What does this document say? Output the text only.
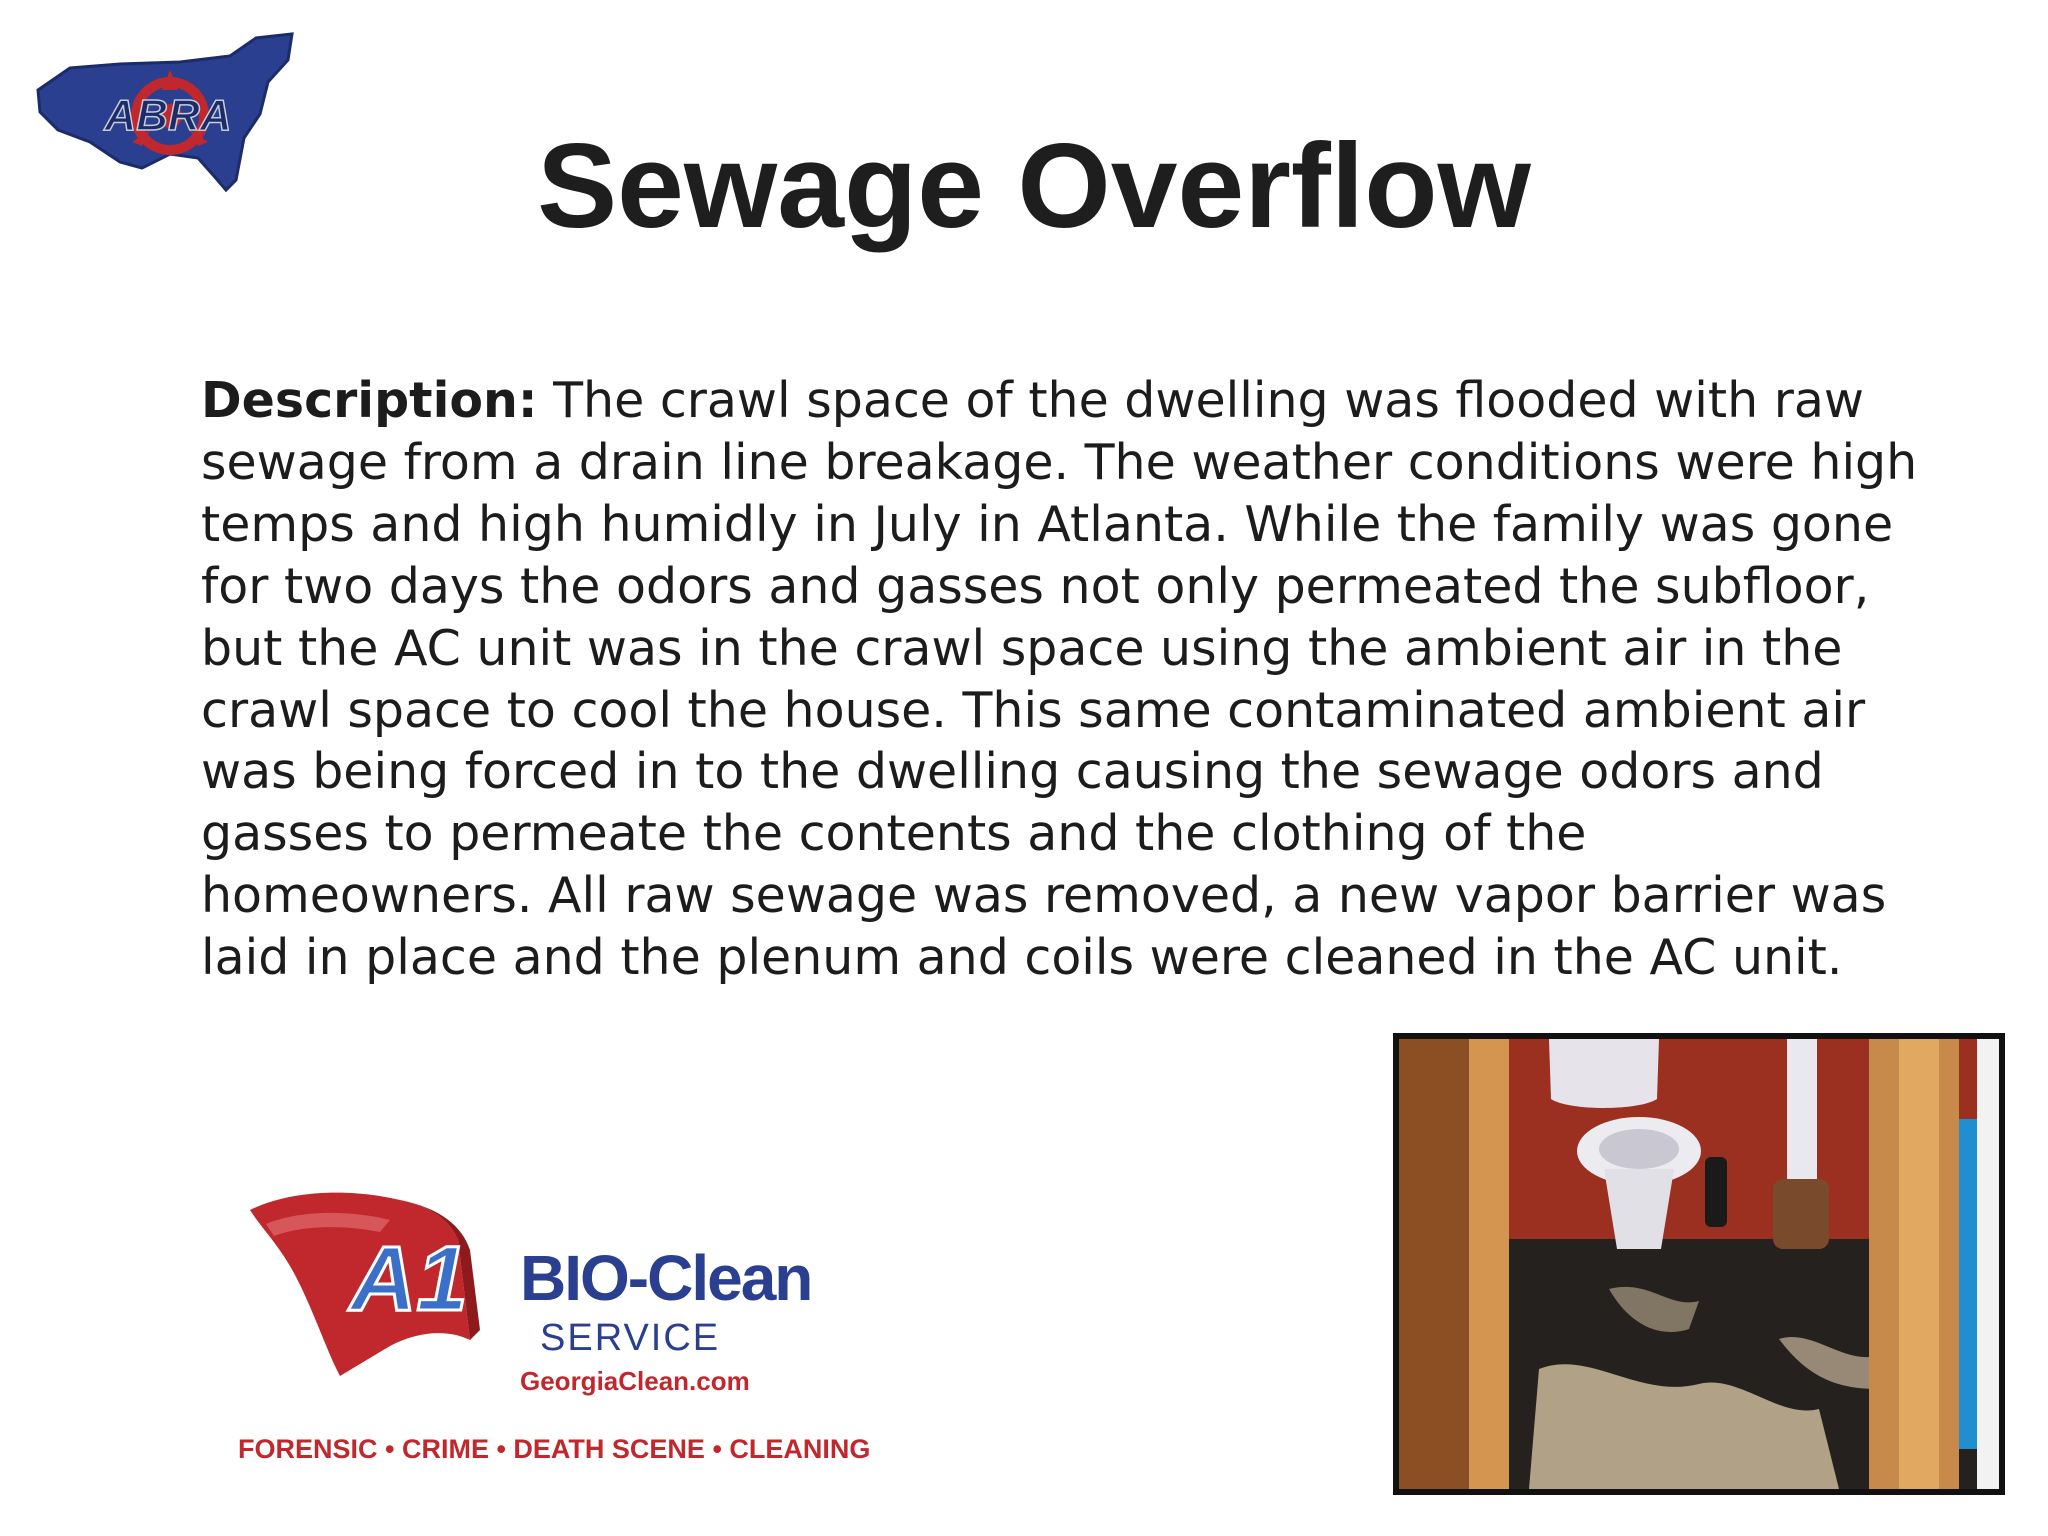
ABRA
Sewage Overflow

Description: The crawl space of the dwelling was flooded with raw sewage from a drain line breakage. The weather conditions were high temps and high humidly in July in Atlanta. While the family was gone for two days the odors and gasses not only permeated the subfloor, but the AC unit was in the crawl space using the ambient air in the crawl space to cool the house. This same contaminated ambient air was being forced in to the dwelling causing the sewage odors and gasses to permeate the contents and the clothing of the homeowners. All raw sewage was removed, a new vapor barrier was laid in place and the plenum and coils were cleaned in the AC unit.

A1 BIO-Clean
SERVICE
GeorgiaClean.com
FORENSIC • CRIME • DEATH SCENE • CLEANING
